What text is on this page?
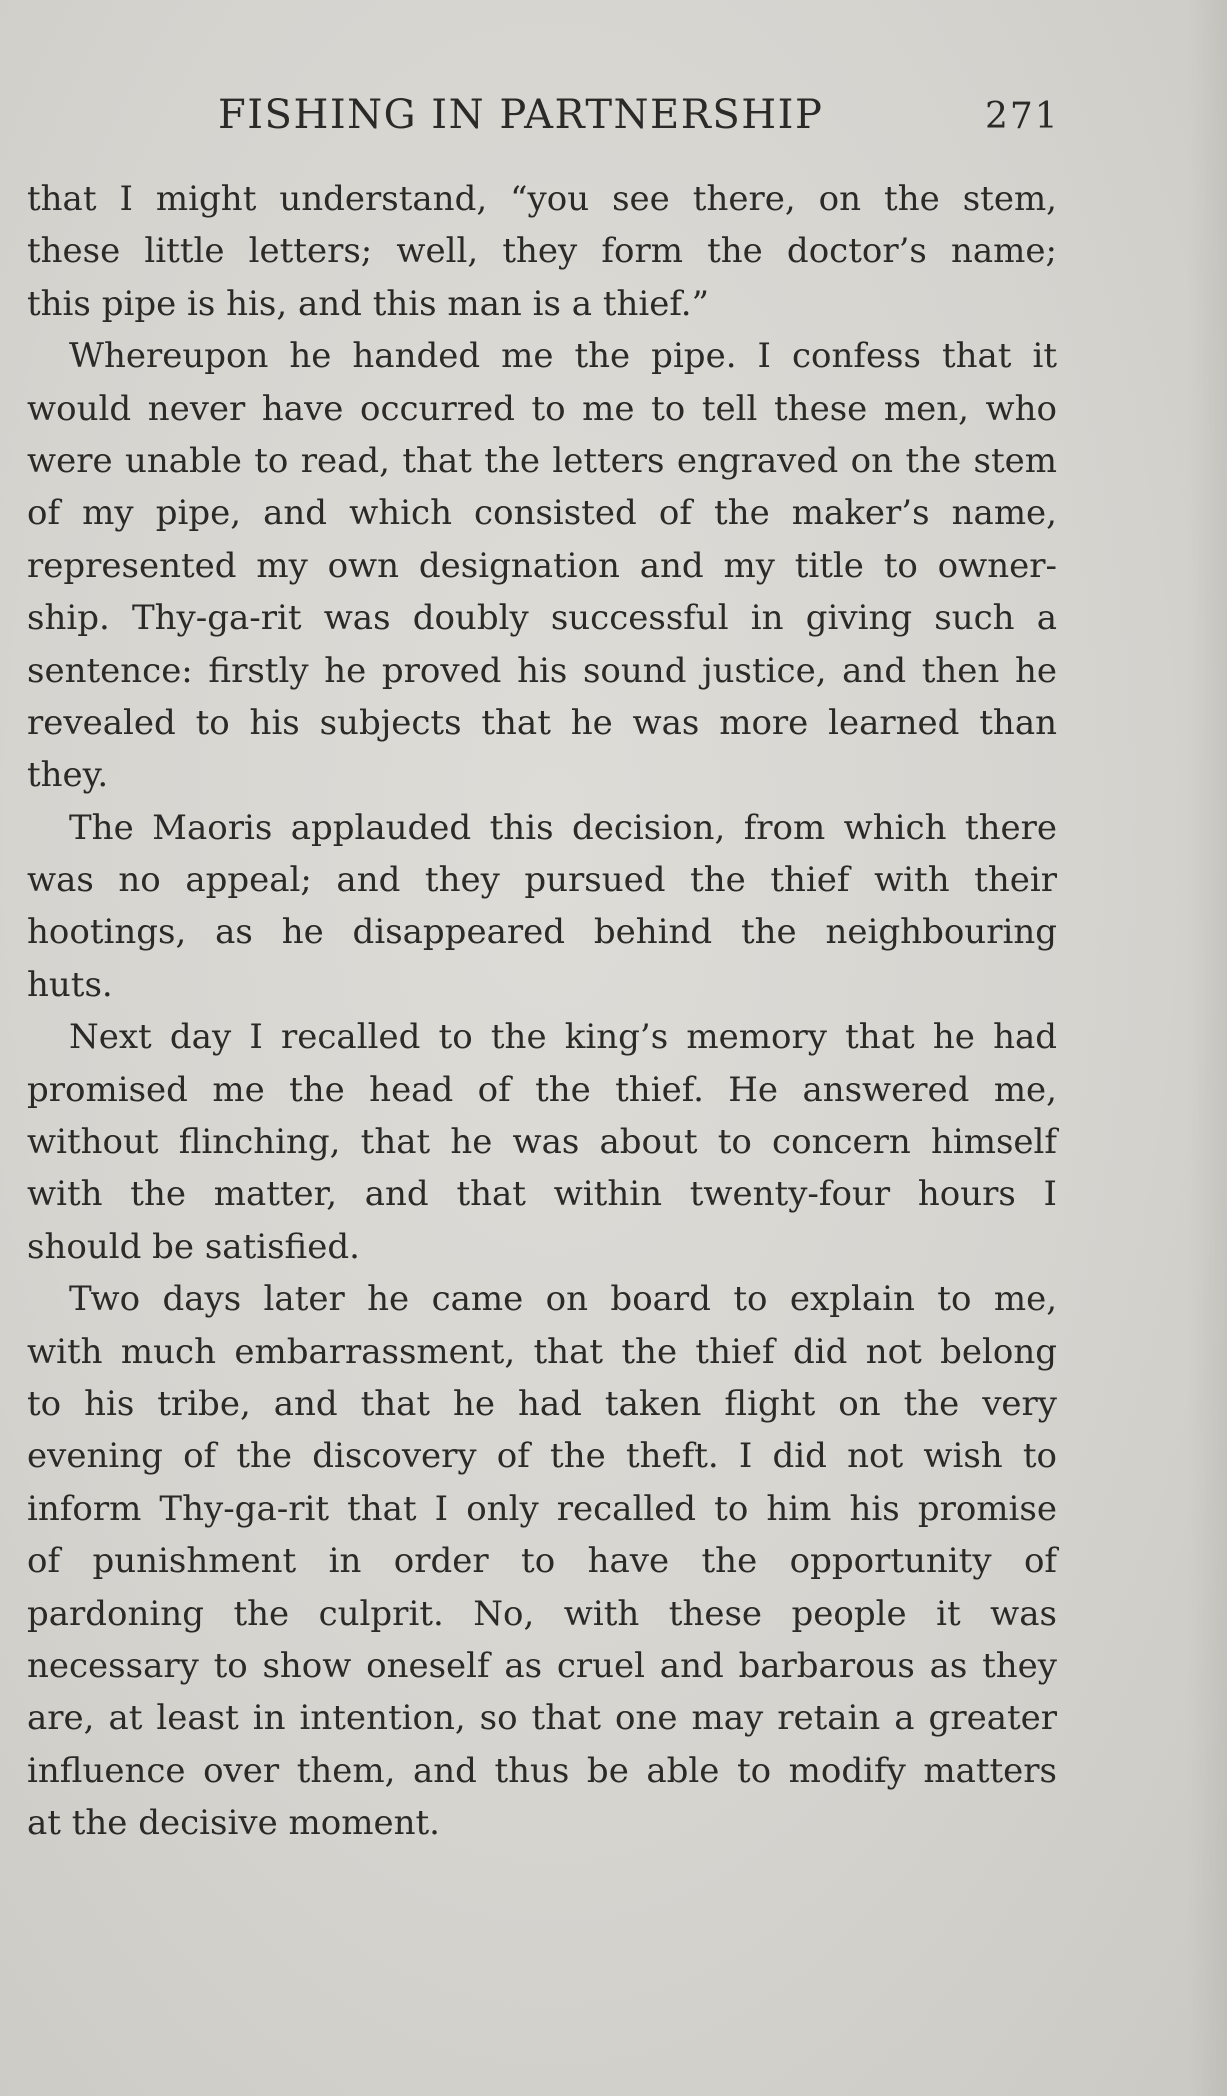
FISHING IN PARTNERSHIP	271
that I might understand, “you see there, on the stem,
these little letters; well, they form the doctor’s name;
this pipe is his, and this man is a thief.”
Whereupon he handed me the pipe. I confess that it
would never have occurred to me to tell these men, who
were unable to read, that the letters engraved on the stem
of my pipe, and which consisted of the maker’s name,
represented my own designation and my title to owner-
ship. Thy-ga-rit was doubly successful in giving such a
sentence: firstly he proved his sound justice, and then he
revealed to his subjects that he was more learned than
they.
The Maoris applauded this decision, from which there
was no appeal; and they pursued the thief with their
hootings, as he disappeared behind the neighbouring
huts.
Next day I recalled to the king’s memory that he had
promised me the head of the thief. He answered me,
without flinching, that he was about to concern himself
with the matter, and that within twenty-four hours I
should be satisfied.
Two days later he came on board to explain to me,
with much embarrassment, that the thief did not belong
to his tribe, and that he had taken flight on the very
evening of the discovery of the theft. I did not wish to
inform Thy-ga-rit that I only recalled to him his promise
of punishment in order to have the opportunity of
pardoning the culprit. No, with these people it was
necessary to show oneself as cruel and barbarous as they
are, at least in intention, so that one may retain a greater
influence over them, and thus be able to modify matters
at the decisive moment.
